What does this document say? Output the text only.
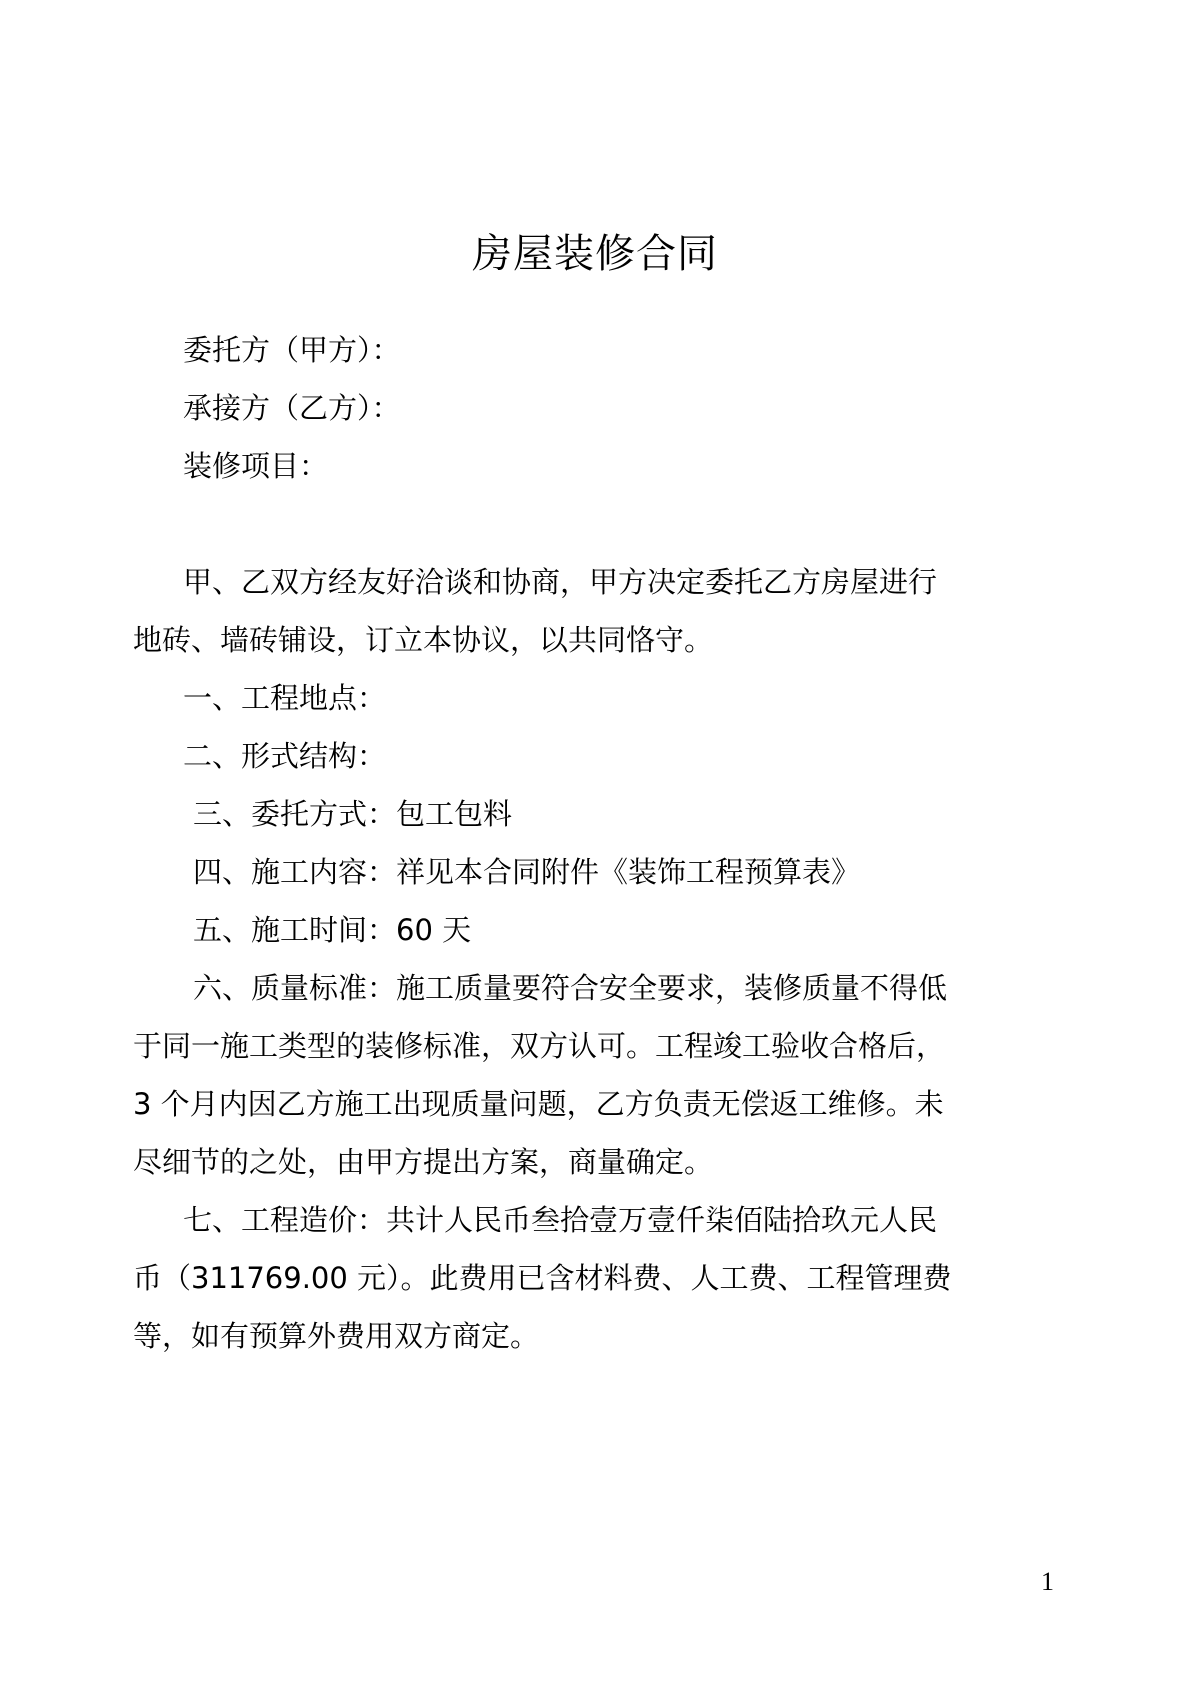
房屋装修合同
委托方（甲方）：
承接方（乙方）：
装修项目：
甲、乙双方经友好洽谈和协商，甲方决定委托乙方房屋进行
地砖、墙砖铺设，订立本协议，以共同恪守。
一、工程地点：
二、形式结构：
三、委托方式：包工包料
四、施工内容：祥见本合同附件《装饰工程预算表》
五、施工时间：60 天
六、质量标准：施工质量要符合安全要求，装修质量不得低
于同一施工类型的装修标准，双方认可。工程竣工验收合格后，
3 个月内因乙方施工出现质量问题，乙方负责无偿返工维修。未
尽细节的之处，由甲方提出方案，商量确定。
七、工程造价：共计人民币叁拾壹万壹仟柒佰陆拾玖元人民
币（311769.00 元）。此费用已含材料费、人工费、工程管理费
等，如有预算外费用双方商定。
1
